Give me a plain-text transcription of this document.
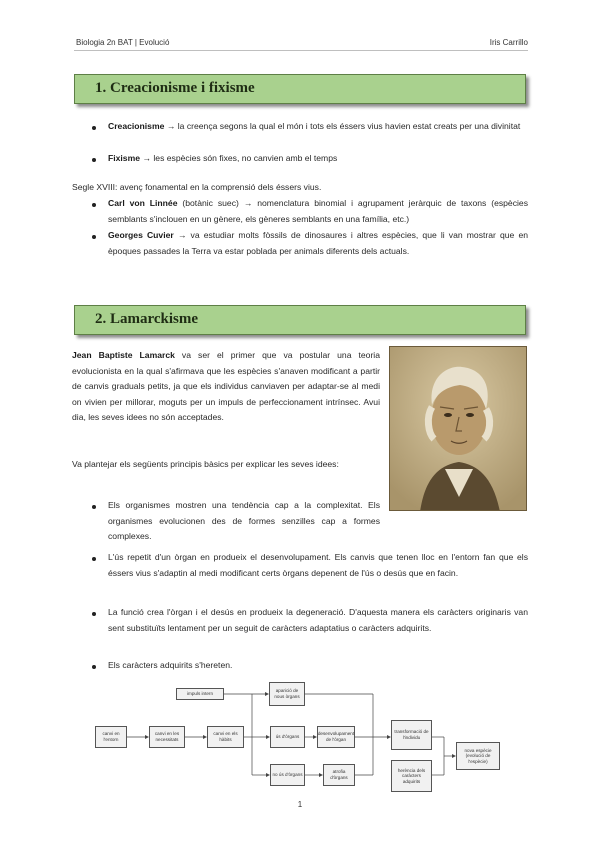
Biologia 2n BAT | Evolució	Iris Carrillo
1. Creacionisme i fixisme
Creacionisme → la creença segons la qual el món i tots els éssers vius havien estat creats per una divinitat
Fixisme → les espècies són fixes, no canvien amb el temps
Segle XVIII: avenç fonamental en la comprensió dels éssers vius.
Carl von Linnée (botànic suec) → nomenclatura binomial i agrupament jeràrquic de taxons (espècies semblants s'inclouen en un gènere, els gèneres semblants en una família, etc.)
Georges Cuvier → va estudiar molts fòssils de dinosaures i altres espècies, que li van mostrar que en èpoques passades la Terra va estar poblada per animals diferents dels actuals.
2. Lamarckisme
Jean Baptiste Lamarck va ser el primer que va postular una teoria evolucionista en la qual s'afirmava que les espècies s'anaven modificant a partir de canvis graduals petits, ja que els individus canviaven per adaptar-se al medi on vivien per millorar, moguts per un impuls de perfeccionament intrínsec. Avui dia, les seves idees no són acceptades.
Va plantejar els següents principis bàsics per explicar les seves idees:
Els organismes mostren una tendència cap a la complexitat. Els organismes evolucionen des de formes senzilles cap a formes complexes.
L'ús repetit d'un òrgan en produeix el desenvolupament. Els canvis que tenen lloc en l'entorn fan que els éssers vius s'adaptin al medi modificant certs òrgans depenent de l'ús o desús que en facin.
La funció crea l'òrgan i el desús en produeix la degeneració. D'aquesta manera els caràcters originaris van sent substituïts lentament per un seguit de caràcters adaptatius o caràcters adquirits.
Els caràcters adquirits s'hereten.
impuls intern
aparició de nous òrgans
canvi en l'entorn
canvi en les necessitats
canvi en els hàbits
ús d'òrgans
desenvolupament de l'òrgan
transformació de l'individu
nova espècie (evolució de l'espècie)
no ús d'òrgans
atrofia d'òrgans
herència dels caràcters adquirits
1
